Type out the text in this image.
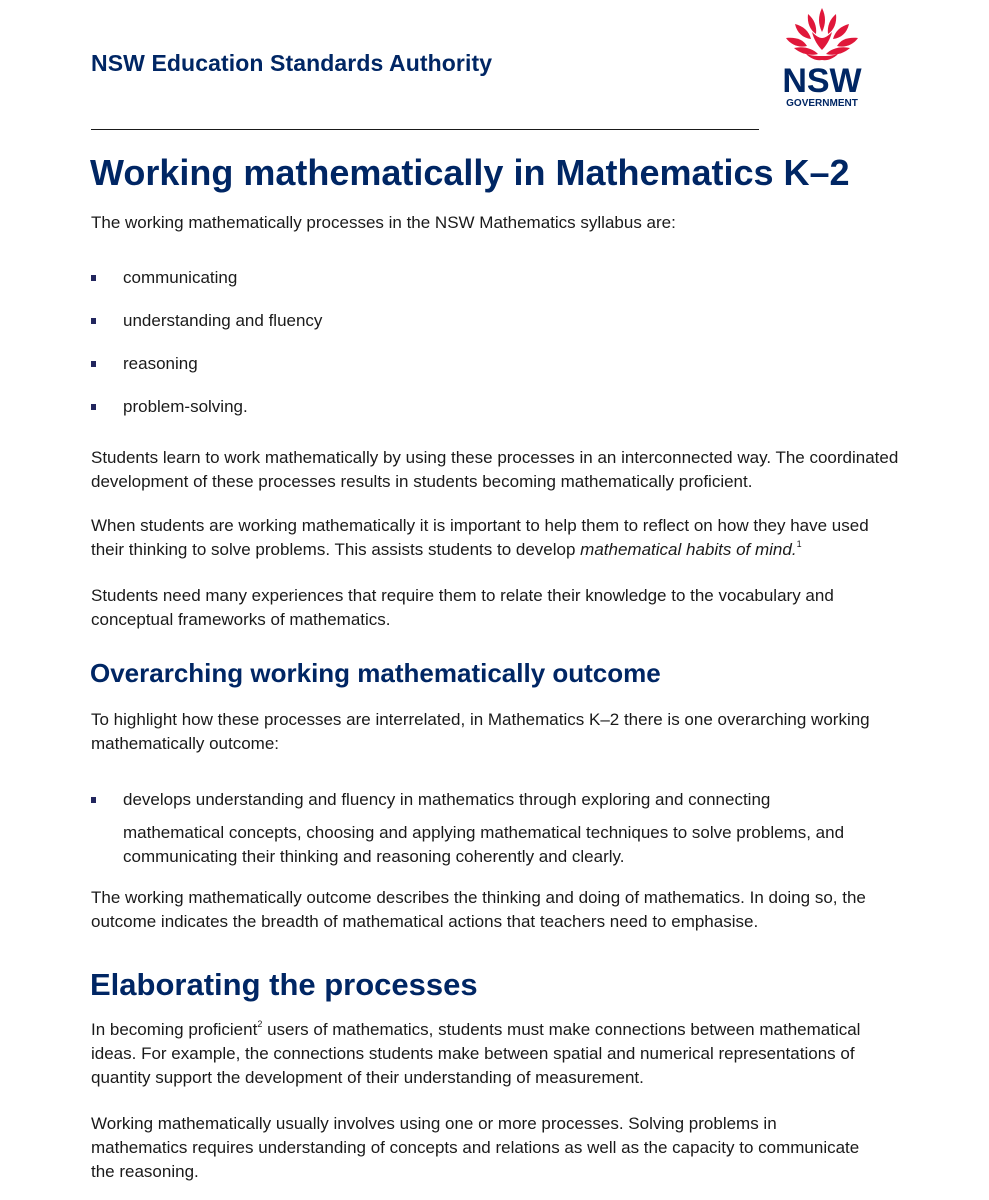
NSW Education Standards Authority	NSW
GOVERNMENT
Working mathematically in Mathematics K–2

The working mathematically processes in the NSW Mathematics syllabus are:

communicating
understanding and fluency
reasoning
problem-solving.

Students learn to work mathematically by using these processes in an interconnected way. The coordinated development of these processes results in students becoming mathematically proficient.

When students are working mathematically it is important to help them to reflect on how they have used their thinking to solve problems. This assists students to develop mathematical habits of mind.$^1$

Students need many experiences that require them to relate their knowledge to the vocabulary and conceptual frameworks of mathematics.

Overarching working mathematically outcome

To highlight how these processes are interrelated, in Mathematics K–2 there is one overarching working mathematically outcome:

develops understanding and fluency in mathematics through exploring and connecting
mathematical concepts, choosing and applying mathematical techniques to solve problems, and
communicating their thinking and reasoning coherently and clearly.

The working mathematically outcome describes the thinking and doing of mathematics. In doing so, the outcome indicates the breadth of mathematical actions that teachers need to emphasise.

Elaborating the processes

In becoming proficient$^2$ users of mathematics, students must make connections between mathematical ideas. For example, the connections students make between spatial and numerical representations of quantity support the development of their understanding of measurement.

Working mathematically usually involves using one or more processes. Solving problems in mathematics requires understanding of concepts and relations as well as the capacity to communicate the reasoning.
